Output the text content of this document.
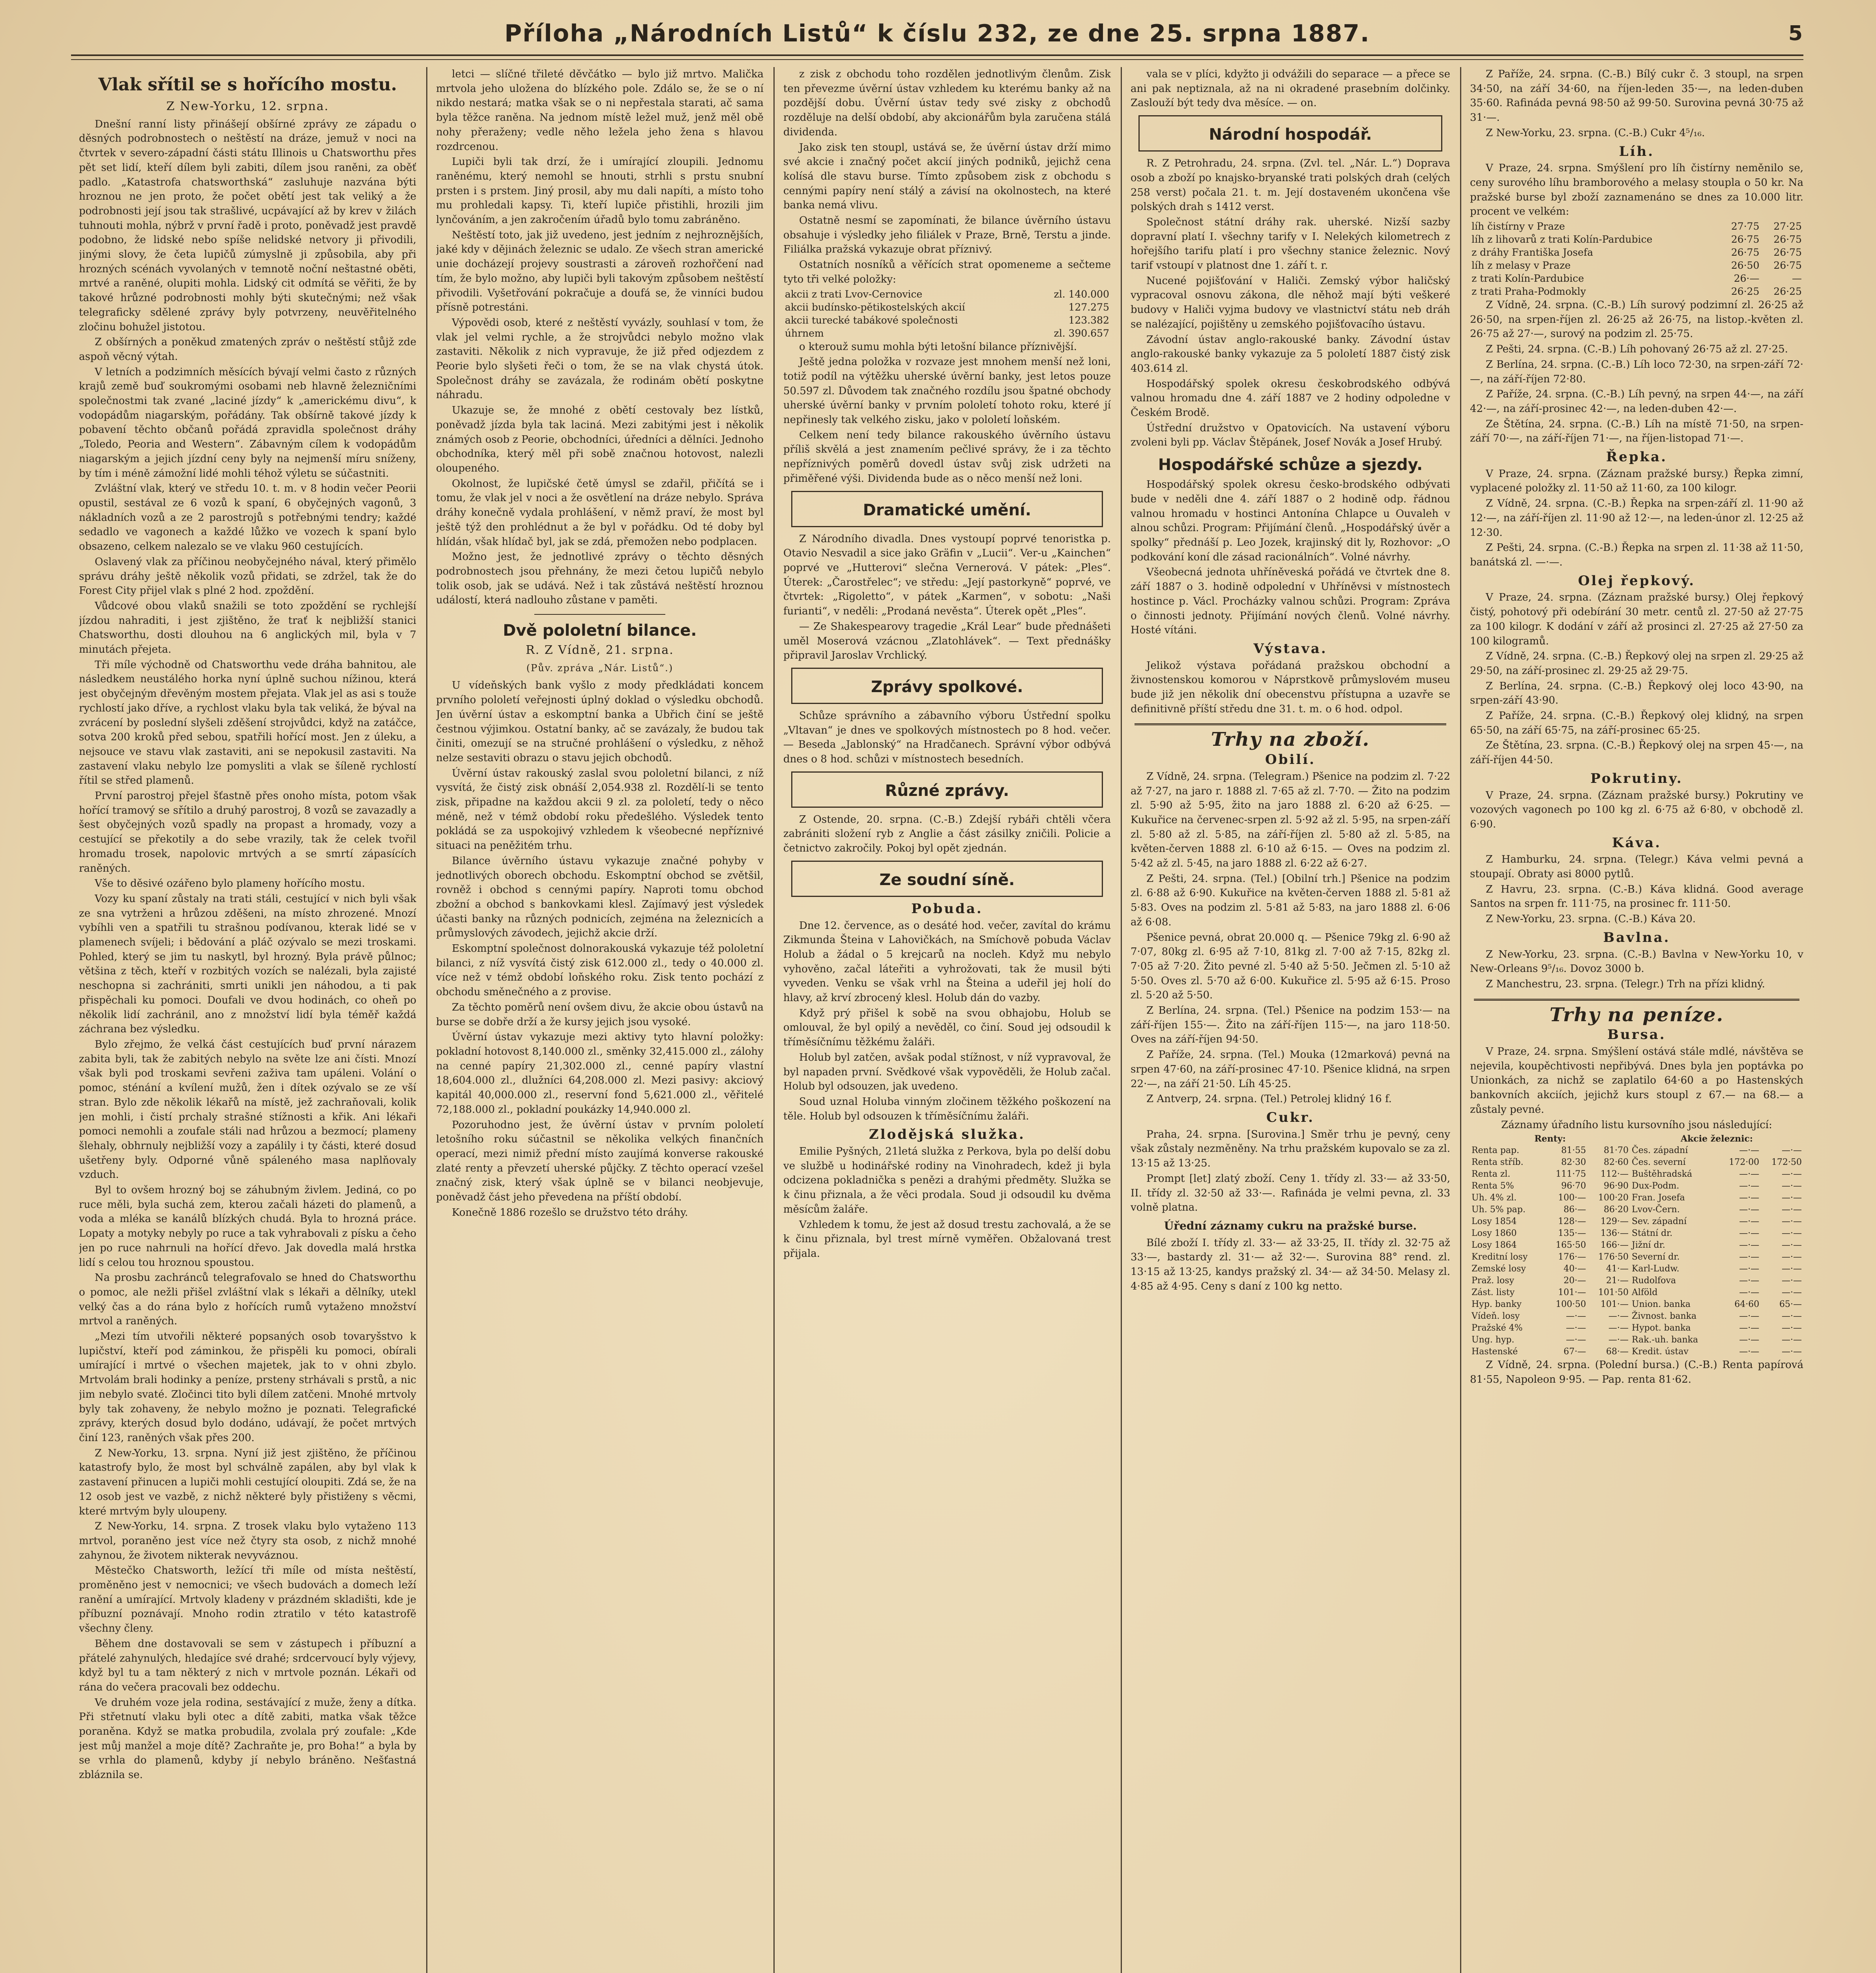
Příloha „Národních Listů“ k číslu 232, ze dne 25. srpna 1887.	5
Vlak sřítil se s hořícího mostu.
Z New-Yorku, 12. srpna.

Dnešní ranní listy přinášejí obšírné zprávy ze západu o děsných podrobnostech o neštěstí na dráze, jemuž v noci na čtvrtek v severo-západní části státu Illinois u Chatsworthu přes pět set lidí, kteří dílem byli zabiti, dílem jsou raněni, za oběť padlo. „Katastrofa chatsworthská“ zasluhuje nazvána býti hroznou ne jen proto, že počet obětí jest tak veliký a že podrobnosti její jsou tak strašlivé, ucpávající až by krev v žilách tuhnouti mohla, nýbrž v první řadě i proto, poněvadž jest pravdě podobno, že lidské nebo spíše nelidské netvory ji přivodili, jinými slovy, že četa lupičů zúmyslně ji způsobila, aby při hrozných scénách vyvolaných v temnotě noční neštastné oběti, mrtvé a raněné, olupiti mohla. Lidský cit odmítá se věřiti, že by takové hrůzné podrobnosti mohly býti skutečnými; než však telegraficky sdělené zprávy byly potvrzeny, neuvěřitelného zločinu bohužel jistotou.

Z obšírných a poněkud zmatených zpráv o neštěstí stůjž zde aspoň věcný výtah.

V letních a podzimních měsících bývají velmi často z různých krajů země buď soukromými osobami neb hlavně železničními společnostmi tak zvané „laciné jízdy“ k „americkému divu“, k vodopádům niagarským, pořádány. Tak obšírně takové jízdy k pobavení těchto občanů pořádá zpravidla společnost dráhy „Toledo, Peoria and Western“. Zábavným cílem k vodopádům niagarským a jejich jízdní ceny byly na nejmenší míru sníženy, by tím i méně zámožní lidé mohli téhož výletu se súčastniti.

Zvláštní vlak, který ve středu 10. t. m. v 8 hodin večer Peorii opustil, sestával ze 6 vozů k spaní, 6 obyčejných vagonů, 3 nákladních vozů a ze 2 parostrojů s potřebnými tendry; každé sedadlo ve vagonech a každé lůžko ve vozech k spaní bylo obsazeno, celkem nalezalo se ve vlaku 960 cestujících.

Oslavený vlak za příčinou neobyčejného nával, který přimělo správu dráhy ještě několik vozů přidati, se zdržel, tak že do Forest City přijel vlak s plné 2 hod. zpoždění.

Vůdcové obou vlaků snažili se toto zpoždění se rychlejší jízdou nahraditi, i jest zjištěno, že trať k nejbližší stanici Chatsworthu, dosti dlouhou na 6 anglických mil, byla v 7 minutách přejeta.

Tři míle východně od Chatsworthu vede dráha bahnitou, ale následkem neustálého horka nyní úplně suchou nížinou, která jest obyčejným dřevěným mostem přejata. Vlak jel as asi s touže rychlostí jako dříve, a rychlost vlaku byla tak veliká, že býval na zvrácení by poslední slyšeli zděšení strojvůdci, když na zatáčce, sotva 200 kroků před sebou, spatřili hořící most. Jen z úleku, a nejsouce ve stavu vlak zastaviti, ani se nepokusil zastaviti. Na zastavení vlaku nebylo lze pomysliti a vlak se šíleně rychlostí řítil se střed plamenů.

První parostroj přejel šťastně přes onoho místa, potom však hořící tramový se sřítilo a druhý parostroj, 8 vozů se zavazadly a šest obyčejných vozů spadly na propast a hromady, vozy a cestující se překotily a do sebe vrazily, tak že celek tvořil hromadu trosek, napolovic mrtvých a se smrtí zápasících raněných.

Vše to děsivé ozářeno bylo plameny hořícího mostu.

Vozy ku spaní zůstaly na trati stáli, cestující v nich byli však ze sna vytrženi a hrůzou zděšeni, na místo zhrozené. Mnozí vybíhli ven a spatřili tu strašnou podívanou, kterak lidé se v plamenech svíjeli; i bědování a pláč ozývalo se mezi troskami. Pohled, který se jim tu naskytl, byl hrozný. Byla právě půlnoc; většina z těch, kteří v rozbitých vozích se nalézali, byla zajisté neschopna si zachrániti, smrti unikli jen náhodou, a ti pak přispěchali ku pomoci. Doufali ve dvou hodinách, co oheň po několik lidí zachránil, ano z množství lidí byla téměř každá záchrana bez výsledku.

Bylo zřejmo, že velká část cestujících buď první nárazem zabita byli, tak že zabitých nebylo na světe lze ani čísti. Mnozí však byli pod troskami sevřeni zaživa tam upáleni. Volání o pomoc, sténání a kvílení mužů, žen i dítek ozývalo se ze vší stran. Bylo zde několik lékařů na místě, jež zachraňovali, kolik jen mohli, i čistí prchaly strašné stížnosti a křik. Ani lékaři pomoci nemohli a zoufale stáli nad hrůzou a bezmocí; plameny šlehaly, obhrnuly nejbližší vozy a zapálily i ty části, které dosud ušetřeny byly. Odporné vůně spáleného masa naplňovaly vzduch.

Byl to ovšem hrozný boj se záhubným živlem. Jediná, co po ruce měli, byla suchá zem, kterou začali házeti do plamenů, a voda a mléka se kanálů blízkých chudá. Byla to hrozná práce. Lopaty a motyky nebyly po ruce a tak vyhrabovali z písku a čeho jen po ruce nahrnuli na hořící dřevo. Jak dovedla malá hrstka lidí s celou tou hroznou spoustou.

Na prosbu zachránců telegrafovalo se hned do Chatsworthu o pomoc, ale nežli přišel zvláštní vlak s lékaři a dělníky, utekl velký čas a do rána bylo z hořících rumů vytaženo množství mrtvol a raněných.

„Mezi tím utvořili některé popsaných osob tovaryšstvo k lupičství, kteří pod záminkou, že přispěli ku pomoci, obírali umírající i mrtvé o všechen majetek, jak to v ohni zbylo. Mrtvolám brali hodinky a peníze, prsteny strhávali s prstů, a nic jim nebylo svaté. Zločinci tito byli dílem zatčeni. Mnohé mrtvoly byly tak zohaveny, že nebylo možno je poznati. Telegrafické zprávy, kterých dosud bylo dodáno, udávají, že počet mrtvých činí 123, raněných však přes 200.

Z New-Yorku, 13. srpna. Nyní již jest zjištěno, že příčinou katastrofy bylo, že most byl schválně zapálen, aby byl vlak k zastavení přinucen a lupiči mohli cestující oloupiti. Zdá se, že na 12 osob jest ve vazbě, z nichž některé byly přistiženy s věcmi, které mrtvým byly uloupeny.

Z New-Yorku, 14. srpna. Z trosek vlaku bylo vytaženo 113 mrtvol, poraněno jest více než čtyry sta osob, z nichž mnohé zahynou, že životem nikterak nevyváznou.

Městečko Chatsworth, ležící tři míle od místa neštěstí, proměněno jest v nemocnici; ve všech budovách a domech leží ranění a umírající. Mrtvoly kladeny v prázdném skladišti, kde je příbuzní poznávají. Mnoho rodin ztratilo v této katastrofě všechny členy.

Během dne dostavovali se sem v zástupech i příbuzní a přátelé zahynulých, hledajíce své drahé; srdcervoucí byly výjevy, když byl tu a tam některý z nich v mrtvole poznán. Lékaři od rána do večera pracovali bez oddechu.

Ve druhém voze jela rodina, sestávající z muže, ženy a dítka. Při střetnutí vlaku byli otec a dítě zabiti, matka však těžce poraněna. Když se matka probudila, zvolala prý zoufale: „Kde jest můj manžel a moje dítě? Zachraňte je, pro Boha!“ a byla by se vrhla do plamenů, kdyby jí nebylo bráněno. Nešťastná zbláznila se.

letci — slíčné třileté děvčátko — bylo již mrtvo. Malička mrtvola jeho uložena do blízkého pole. Zdálo se, že se o ní nikdo nestará; matka však se o ni nepřestala starati, ač sama byla těžce raněna. Na jednom místě ležel muž, jenž měl obě nohy přeraženy; vedle něho ležela jeho žena s hlavou rozdrcenou.

Lupiči byli tak drzí, že i umírající zloupili. Jednomu raněnému, který nemohl se hnouti, strhli s prstu snubní prsten i s prstem. Jiný prosil, aby mu dali napíti, a místo toho mu prohledali kapsy. Ti, kteří lupiče přistihli, hrozili jim lynčováním, a jen zakročením úřadů bylo tomu zabráněno.

Neštěstí toto, jak již uvedeno, jest jedním z nejhroznějších, jaké kdy v dějinách železnic se udalo. Ze všech stran americké unie docházejí projevy soustrasti a zároveň rozhořčení nad tím, že bylo možno, aby lupiči byli takovým způsobem neštěstí přivodili. Vyšetřování pokračuje a doufá se, že vinníci budou přísně potrestáni.

Výpovědi osob, které z neštěstí vyvázly, souhlasí v tom, že vlak jel velmi rychle, a že strojvůdci nebylo možno vlak zastaviti. Několik z nich vypravuje, že již před odjezdem z Peorie bylo slyšeti řeči o tom, že se na vlak chystá útok. Společnost dráhy se zavázala, že rodinám obětí poskytne náhradu.

Ukazuje se, že mnohé z obětí cestovaly bez lístků, poněvadž jízda byla tak laciná. Mezi zabitými jest i několik známých osob z Peorie, obchodníci, úředníci a dělníci. Jednoho obchodníka, který měl při sobě značnou hotovost, nalezli oloupeného.

Okolnost, že lupičské četě úmysl se zdařil, přičítá se i tomu, že vlak jel v noci a že osvětlení na dráze nebylo. Správa dráhy konečně vydala prohlášení, v němž praví, že most byl ještě týž den prohlédnut a že byl v pořádku. Od té doby byl hlídán, však hlídač byl, jak se zdá, přemožen nebo podplacen.

Možno jest, že jednotlivé zprávy o těchto děsných podrobnostech jsou přehnány, že mezi četou lupičů nebylo tolik osob, jak se udává. Než i tak zůstává neštěstí hroznou událostí, která nadlouho zůstane v paměti.

Dvě pololetní bilance.
R. Z Vídně, 21. srpna.
(Pův. zpráva „Nár. Listů“.)

U vídeňských bank vyšlo z mody předkládati koncem prvního pololetí veřejnosti úplný doklad o výsledku obchodů. Jen úvěrní ústav a eskomptní banka a Ubřich činí se ještě čestnou výjimkou. Ostatní banky, ač se zavázaly, že budou tak činiti, omezují se na stručné prohlášení o výsledku, z něhož nelze sestaviti obrazu o stavu jejich obchodů.

Úvěrní ústav rakouský zaslal svou pololetní bilanci, z níž vysvítá, že čistý zisk obnáší 2,054.938 zl. Rozdělí-li se tento zisk, připadne na každou akcii 9 zl. za pololetí, tedy o něco méně, než v témž období roku předešlého. Výsledek tento pokládá se za uspokojivý vzhledem k všeobecné nepříznivé situaci na peněžitém trhu.

Bilance úvěrního ústavu vykazuje značné pohyby v jednotlivých oborech obchodu. Eskomptní obchod se zvětšil, rovněž i obchod s cennými papíry. Naproti tomu obchod zbožní a obchod s bankovkami klesl. Zajímavý jest výsledek účasti banky na různých podnicích, zejména na železnicích a průmyslových závodech, jejichž akcie drží.

Eskomptní společnost dolnorakouská vykazuje též pololetní bilanci, z níž vysvítá čistý zisk 612.000 zl., tedy o 40.000 zl. více než v témž období loňského roku. Zisk tento pochází z obchodu směnečného a z provise.

Za těchto poměrů není ovšem divu, že akcie obou ústavů na burse se dobře drží a že kursy jejich jsou vysoké.

Úvěrní ústav vykazuje mezi aktivy tyto hlavní položky: pokladní hotovost 8,140.000 zl., směnky 32,415.000 zl., zálohy na cenné papíry 21,302.000 zl., cenné papíry vlastní 18,604.000 zl., dlužníci 64,208.000 zl. Mezi pasivy: akciový kapitál 40,000.000 zl., reservní fond 5,621.000 zl., věřitelé 72,188.000 zl., pokladní poukázky 14,940.000 zl.

Pozoruhodno jest, že úvěrní ústav v prvním pololetí letošního roku súčastnil se několika velkých finančních operací, mezi nimiž přední místo zaujímá konverse rakouské zlaté renty a převzetí uherské půjčky. Z těchto operací vzešel značný zisk, který však úplně se v bilanci neobjevuje, poněvadž část jeho převedena na příští období.

Konečně 1886 rozešlo se družstvo této dráhy.

z zisk z obchodu toho rozdělen jednotlivým členům. Zisk ten převezme úvěrní ústav vzhledem ku kterému banky až na pozdější dobu. Úvěrní ústav tedy své zisky z obchodů rozděluje na delší období, aby akcionářům byla zaručena stálá dividenda.

Jako zisk ten stoupl, ustává se, že úvěrní ústav drží mimo své akcie i značný počet akcií jiných podniků, jejichž cena kolísá dle stavu burse. Tímto způsobem zisk z obchodu s cennými papíry není stálý a závisí na okolnostech, na které banka nemá vlivu.

Ostatně nesmí se zapomínati, že bilance úvěrního ústavu obsahuje i výsledky jeho filiálek v Praze, Brně, Terstu a jinde. Filiálka pražská vykazuje obrat příznivý.

Ostatních nosníků a věřících strat opomeneme a sečteme tyto tři velké položky:

akcii z trati Lvov-Cernovice	zl. 140.000
akcii budínsko-pětikostelských akcií	127.275
akcii turecké tabákové společnosti	123.382
úhrnem	zl. 390.657

o kterouž sumu mohla býti letošní bilance příznivější.

Ještě jedna položka v rozvaze jest mnohem menší než loni, totiž podíl na výtěžku uherské úvěrní banky, jest letos pouze 50.597 zl. Důvodem tak značného rozdílu jsou špatné obchody uherské úvěrní banky v prvním pololetí tohoto roku, které jí nepřinesly tak velkého zisku, jako v pololetí loňském.

Celkem není tedy bilance rakouského úvěrního ústavu příliš skvělá a jest znamením pečlivé správy, že i za těchto nepříznivých poměrů dovedl ústav svůj zisk udržeti na přiměřené výši. Dividenda bude as o něco menší než loni.

Dramatické umění.

Z Národního divadla. Dnes vystoupí poprvé tenoristka p. Otavio Nesvadil a sice jako Gräfin v „Lucii“. Ver-u „Kainchen“ poprvé ve „Hutterovi“ slečna Vernerová. V pátek: „Ples“. Úterek: „Čarostřelec“; ve středu: „Její pastorkyně“ poprvé, ve čtvrtek: „Rigoletto“, v pátek „Karmen“, v sobotu: „Naši furianti“, v neděli: „Prodaná nevěsta“. Úterek opět „Ples“.

— Ze Shakespearovy tragedie „Král Lear“ bude přednášeti uměl Moserová vzácnou „Zlatohlávek“. — Text přednášky připravil Jaroslav Vrchlický.

Zprávy spolkové.

Schůze správního a zábavního výboru Ústřední spolku „Vltavan“ je dnes ve spolkových místnostech po 8 hod. večer. — Beseda „Jablonský“ na Hradčanech. Správní výbor odbývá dnes o 8 hod. schůzi v místnostech besedních.

Různé zprávy.

Z Ostende, 20. srpna. (C.-B.) Zdejší rybáři chtěli včera zabrániti složení ryb z Anglie a část zásilky zničili. Policie a četnictvo zakročily. Pokoj byl opět zjednán.

Ze soudní síně.
Pobuda.

Dne 12. července, as o desáté hod. večer, zavítal do krámu Zikmunda Šteina v Lahovičkách, na Smíchově pobuda Václav Holub a žádal o 5 krejcarů na nocleh. Když mu nebylo vyhověno, začal láteřiti a vyhrožovati, tak že musil býti vyveden. Venku se však vrhl na Šteina a udeřil jej holí do hlavy, až krví zbrocený klesl. Holub dán do vazby.

Když prý přišel k sobě na svou obhajobu, Holub se omlouval, že byl opilý a nevěděl, co činí. Soud jej odsoudil k tříměsíčnímu těžkému žaláři.

Holub byl zatčen, avšak podal stížnost, v níž vypravoval, že byl napaden první. Svědkové však vypověděli, že Holub začal. Holub byl odsouzen, jak uvedeno.

Soud uznal Holuba vinným zločinem těžkého poškození na těle. Holub byl odsouzen k tříměsíčnímu žaláři.

Zlodějská služka.

Emilie Pyšných, 21letá služka z Perkova, byla po delší dobu ve službě u hodinářské rodiny na Vinohradech, kdež ji byla odcizena pokladnička s penězi a drahými předměty. Služka se k činu přiznala, a že věci prodala. Soud ji odsoudil ku dvěma měsícům žaláře.

Vzhledem k tomu, že jest až dosud trestu zachovalá, a že se k činu přiznala, byl trest mírně vyměřen. Obžalovaná trest přijala.

vala se v plíci, kdyžto ji odvážili do separace — a přece se ani pak neptiznala, až na ni okradené prasebním dolčinky. Zaslouží být tedy dva měsíce. — on.

Národní hospodář.

R. Z Petrohradu, 24. srpna. (Zvl. tel. „Nár. L.“) Doprava osob a zboží po knajsko-bryanské trati polských drah (celých 258 verst) počala 21. t. m. Její dostaveném ukončena vše polských drah s 1412 verst.

Společnost státní dráhy rak. uherské. Nizší sazby dopravní platí I. všechny tarify v I. Nelekých kilometrech z hořejšího tarifu platí i pro všechny stanice železnic. Nový tarif vstoupí v platnost dne 1. září t. r.

Nucené pojišťování v Haliči. Zemský výbor haličský vypracoval osnovu zákona, dle něhož mají býti veškeré budovy v Haliči vyjma budovy ve vlastnictví státu neb dráh se nalézající, pojištěny u zemského pojišťovacího ústavu.

Závodní ústav anglo-rakouské banky. Závodní ústav anglo-rakouské banky vykazuje za 5 pololetí 1887 čistý zisk 403.614 zl.

Hospodářský spolek okresu českobrodského odbývá valnou hromadu dne 4. září 1887 ve 2 hodiny odpoledne v Českém Brodě.

Ústřední družstvo v Opatovicích. Na ustavení výboru zvoleni byli pp. Václav Štěpánek, Josef Novák a Josef Hrubý.

Hospodářské schůze a sjezdy.

Hospodářský spolek okresu česko-brodského odbývati bude v neděli dne 4. září 1887 o 2 hodině odp. řádnou valnou hromadu v hostinci Antonína Chlapce u Ouvaleh v alnou schůzi. Program: Přijímání členů. „Hospodářský úvěr a spolky“ přednáší p. Leo Jozek, krajinský dit ly, Rozhovor: „O podkování koní dle zásad racionálních“. Volné návrhy.

Všeobecná jednota uhříněveská pořádá ve čtvrtek dne 8. září 1887 o 3. hodině odpolední v Uhříněvsi v místnostech hostince p. Václ. Procházky valnou schůzi. Program: Zpráva o činnosti jednoty. Přijímání nových členů. Volné návrhy. Hosté vítáni.

Výstava.

Jelikož výstava pořádaná pražskou obchodní a živnostenskou komorou v Náprstkově průmyslovém museu bude již jen několik dní obecenstvu přístupna a uzavře se definitivně příští středu dne 31. t. m. o 6 hod. odpol.

Trhy na zboží.
Obilí.

Z Vídně, 24. srpna. (Telegram.) Pšenice na podzim zl. 7·22 až 7·27, na jaro r. 1888 zl. 7·65 až zl. 7·70. — Žito na podzim zl. 5·90 až 5·95, žito na jaro 1888 zl. 6·20 až 6·25. — Kukuřice na červenec-srpen zl. 5·92 až zl. 5·95, na srpen-září zl. 5·80 až zl. 5·85, na září-říjen zl. 5·80 až zl. 5·85, na květen-červen 1888 zl. 6·10 až 6·15. — Oves na podzim zl. 5·42 až zl. 5·45, na jaro 1888 zl. 6·22 až 6·27.

Z Pešti, 24. srpna. (Tel.) [Obilní trh.] Pšenice na podzim zl. 6·88 až 6·90. Kukuřice na květen-červen 1888 zl. 5·81 až 5·83. Oves na podzim zl. 5·81 až 5·83, na jaro 1888 zl. 6·06 až 6·08.

Pšenice pevná, obrat 20.000 q. — Pšenice 79kg zl. 6·90 až 7·07, 80kg zl. 6·95 až 7·10, 81kg zl. 7·00 až 7·15, 82kg zl. 7·05 až 7·20. Žito pevné zl. 5·40 až 5·50. Ječmen zl. 5·10 až 5·50. Oves zl. 5·70 až 6·00. Kukuřice zl. 5·95 až 6·15. Proso zl. 5·20 až 5·50.

Z Berlína, 24. srpna. (Tel.) Pšenice na podzim 153·— na září-říjen 155·—. Žito na září-říjen 115·—, na jaro 118·50. Oves na září-říjen 94·50.

Z Paříže, 24. srpna. (Tel.) Mouka (12marková) pevná na srpen 47·60, na září-prosinec 47·10. Pšenice klidná, na srpen 22·—, na září 21·50. Líh 45·25.

Z Antverp, 24. srpna. (Tel.) Petrolej klidný 16 f.

Cukr.

Praha, 24. srpna. [Surovina.] Směr trhu je pevný, ceny však zůstaly nezměněny. Na trhu pražském kupovalo se za zl. 13·15 až 13·25.

Prompt [let] zlatý zboží. Ceny 1. třídy zl. 33·— až 33·50, II. třídy zl. 32·50 až 33·—. Rafináda je velmi pevna, zl. 33 volně platna.

Úřední záznamy cukru na pražské burse.

Bílé zboží I. třídy zl. 33·— až 33·25, II. třídy zl. 32·75 až 33·—, bastardy zl. 31·— až 32·—. Surovina 88° rend. zl. 13·15 až 13·25, kandys pražský zl. 34·— až 34·50. Melasy zl. 4·85 až 4·95. Ceny s daní z 100 kg netto.

Z Paříže, 24. srpna. (C.-B.) Bílý cukr č. 3 stoupl, na srpen 34·50, na září 34·60, na říjen-leden 35·—, na leden-duben 35·60. Rafináda pevná 98·50 až 99·50. Surovina pevná 30·75 až 31·—.

Z New-Yorku, 23. srpna. (C.-B.) Cukr 4⁵/₁₆.

Líh.

V Praze, 24. srpna. Smýšlení pro líh čistírny neměnilo se, ceny surového líhu bramborového a melasy stoupla o 50 kr. Na pražské burse byl zboží zaznamenáno se dnes za 10.000 litr. procent ve velkém:

líh čistírny v Praze	27·75	27·25
líh z lihovarů z trati Kolín-Pardubice	26·75	26·75
z dráhy Františka Josefa	26·75	26·75
líh z melasy v Praze	26·50	26·75
z trati Kolín-Pardubice	26·—	—
z trati Praha-Podmokly	26·25	26·25

Z Vídně, 24. srpna. (C.-B.) Líh surový podzimní zl. 26·25 až 26·50, na srpen-říjen zl. 26·25 až 26·75, na listop.-květen zl. 26·75 až 27·—, surový na podzim zl. 25·75.

Z Pešti, 24. srpna. (C.-B.) Líh pohovaný 26·75 až zl. 27·25.

Z Berlína, 24. srpna. (C.-B.) Líh loco 72·30, na srpen-září 72·—, na září-říjen 72·80.

Z Paříže, 24. srpna. (C.-B.) Líh pevný, na srpen 44·—, na září 42·—, na září-prosinec 42·—, na leden-duben 42·—.

Ze Štětína, 24. srpna. (C.-B.) Líh na místě 71·50, na srpen-září 70·—, na září-říjen 71·—, na říjen-listopad 71·—.

Řepka.

V Praze, 24. srpna. (Záznam pražské bursy.) Řepka zimní, vyplacené položky zl. 11·50 až 11·60, za 100 kilogr.

Z Vídně, 24. srpna. (C.-B.) Řepka na srpen-září zl. 11·90 až 12·—, na září-říjen zl. 11·90 až 12·—, na leden-únor zl. 12·25 až 12·30.

Z Pešti, 24. srpna. (C.-B.) Řepka na srpen zl. 11·38 až 11·50, banátská zl. —·—.

Olej řepkový.

V Praze, 24. srpna. (Záznam pražské bursy.) Olej řepkový čistý, pohotový při odebírání 30 metr. centů zl. 27·50 až 27·75 za 100 kilogr. K dodání v září až prosinci zl. 27·25 až 27·50 za 100 kilogramů.

Z Vídně, 24. srpna. (C.-B.) Řepkový olej na srpen zl. 29·25 až 29·50, na září-prosinec zl. 29·25 až 29·75.

Z Berlína, 24. srpna. (C.-B.) Řepkový olej loco 43·90, na srpen-září 43·90.

Z Paříže, 24. srpna. (C.-B.) Řepkový olej klidný, na srpen 65·50, na září 65·75, na září-prosinec 65·25.

Ze Štětína, 23. srpna. (C.-B.) Řepkový olej na srpen 45·—, na září-říjen 44·50.

Pokrutiny.

V Praze, 24. srpna. (Záznam pražské bursy.) Pokrutiny ve vozových vagonech po 100 kg zl. 6·75 až 6·80, v obchodě zl. 6·90.

Káva.

Z Hamburku, 24. srpna. (Telegr.) Káva velmi pevná a stoupají. Obraty asi 8000 pytlů.

Z Havru, 23. srpna. (C.-B.) Káva klidná. Good average Santos na srpen fr. 111·75, na prosinec fr. 111·50.

Z New-Yorku, 23. srpna. (C.-B.) Káva 20.

Bavlna.

Z New-Yorku, 23. srpna. (C.-B.) Bavlna v New-Yorku 10, v New-Orleans 9⁵/₁₆. Dovoz 3000 b.

Z Manchestru, 23. srpna. (Telegr.) Trh na přízi klidný.

Trhy na peníze.
Bursa.

V Praze, 24. srpna. Smýšlení ostává stále mdlé, návštěva se nejevila, koupěchtivosti nepřibývá. Dnes byla jen poptávka po Unionkách, za nichž se zaplatilo 64·60 a po Hastenských bankovních akciích, jejichž kurs stoupl z 67.— na 68.— a zůstaly pevné.

Záznamy úřadního listu kursovního jsou následující:

Renty:			Akcie železnic:		
Renta pap.	81·55	81·70	Čes. západní	—·—	—·—
Renta stříb.	82·30	82·60	Čes. severní	172·00	172·50
Renta zl.	111·75	112·—	Buštěhradská	—·—	—·—
Renta 5%	96·70	96·90	Dux-Podm.	—·—	—·—
Uh. 4% zl.	100·—	100·20	Fran. Josefa	—·—	—·—
Uh. 5% pap.	86·—	86·20	Lvov-Čern.	—·—	—·—
Losy 1854	128·—	129·—	Sev. západní	—·—	—·—
Losy 1860	135·—	136·—	Státní dr.	—·—	—·—
Losy 1864	165·50	166·—	Jižní dr.	—·—	—·—
Kreditní losy	176·—	176·50	Severní dr.	—·—	—·—
Zemské losy	40·—	41·—	Karl-Ludw.	—·—	—·—
Praž. losy	20·—	21·—	Rudolfova	—·—	—·—
Zást. listy	101·—	101·50	Alföld	—·—	—·—
Hyp. banky	100·50	101·—	Union. banka	64·60	65·—
Vídeň. losy	—·—	—·—	Živnost. banka	—·—	—·—
Pražské 4%	—·—	—·—	Hypot. banka	—·—	—·—
Ung. hyp.	—·—	—·—	Rak.-uh. banka	—·—	—·—
Hastenské	67·—	68·—	Kredit. ústav	—·—	—·—

Z Vídně, 24. srpna. (Polední bursa.) (C.-B.) Renta papírová 81·55, Napoleon 9·95. — Pap. renta 81·62.
